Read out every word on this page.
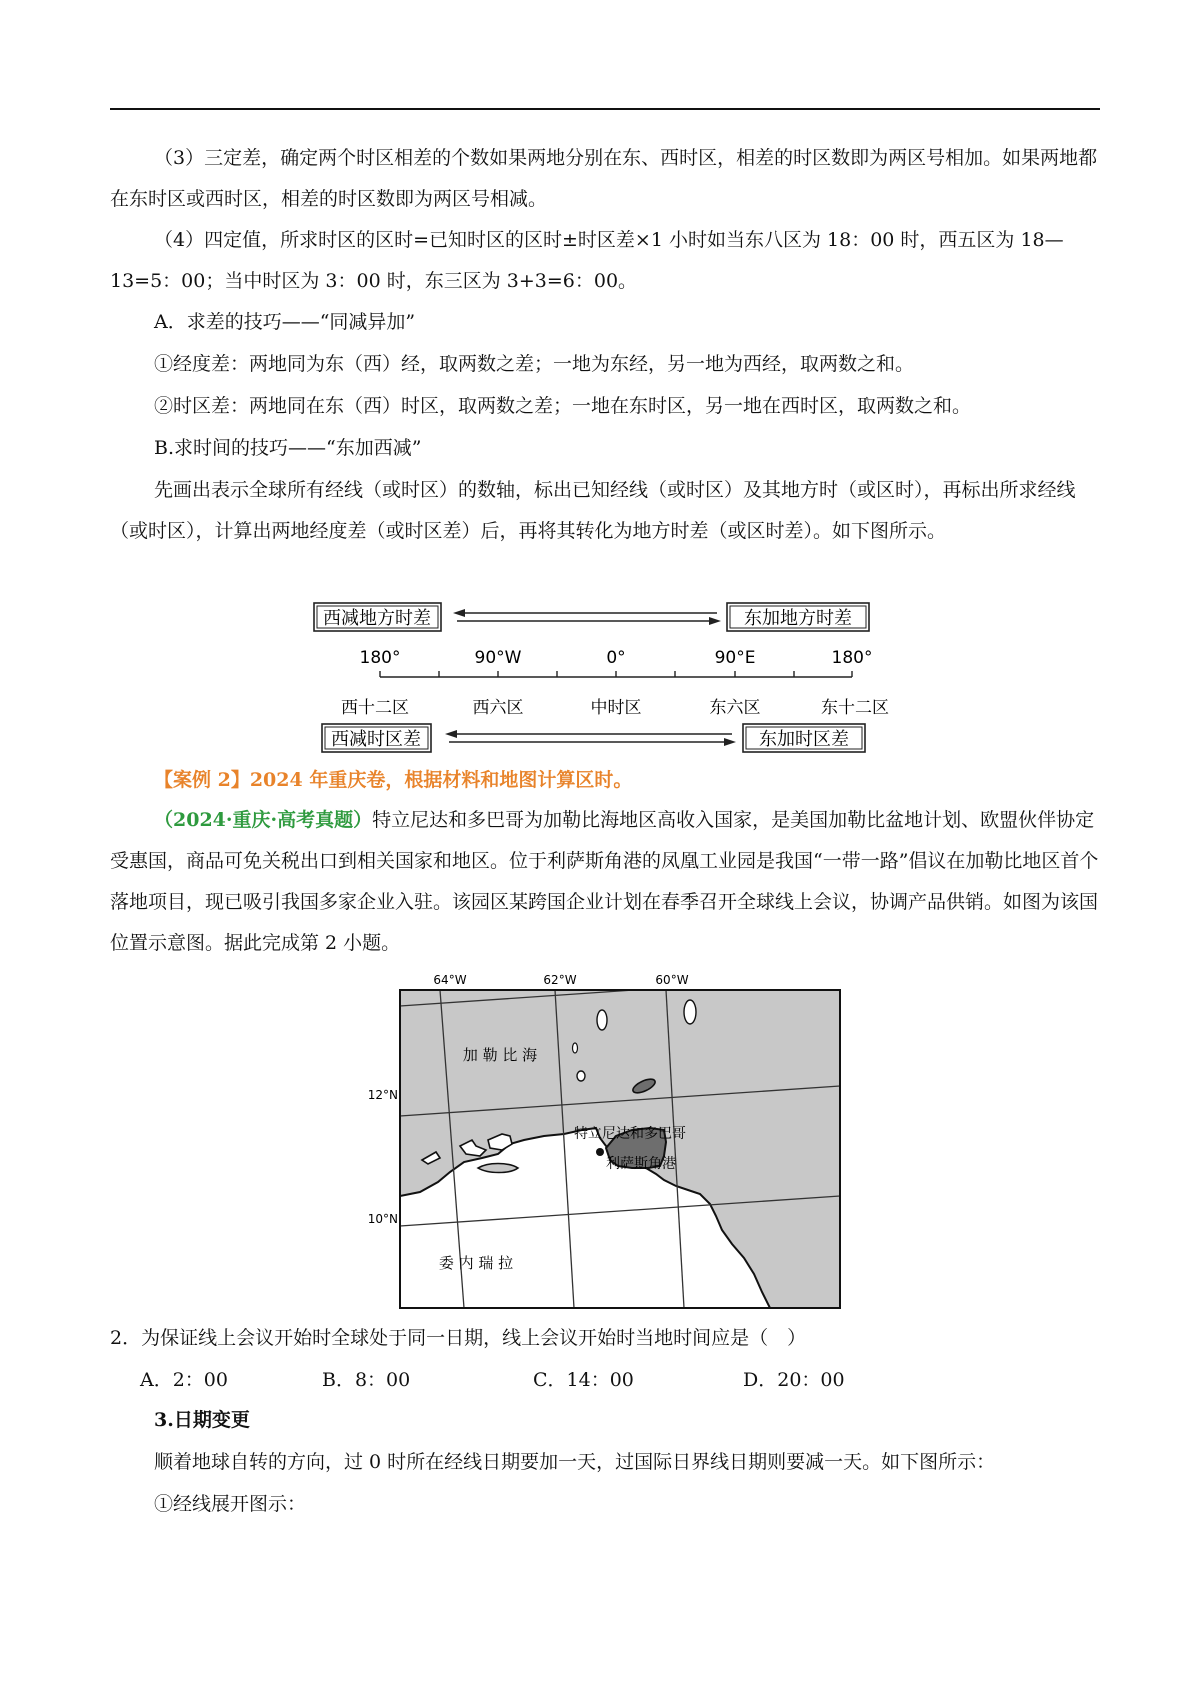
（3）三定差，确定两个时区相差的个数如果两地分别在东、西时区，相差的时区数即为两区号相加。如果两地都在东时区或西时区，相差的时区数即为两区号相减。

（4）四定值，所求时区的区时=已知时区的区时±时区差×1 小时如当东八区为 18：00 时，西五区为 18—13=5：00；当中时区为 3：00 时，东三区为 3+3=6：00。

A．求差的技巧——“同减异加”

①经度差：两地同为东（西）经，取两数之差；一地为东经，另一地为西经，取两数之和。

②时区差：两地同在东（西）时区，取两数之差；一地在东时区，另一地在西时区，取两数之和。

B.求时间的技巧——“东加西减”

先画出表示全球所有经线（或时区）的数轴，标出已知经线（或时区）及其地方时（或区时），再标出所求经线（或时区），计算出两地经度差（或时区差）后，再将其转化为地方时差（或区时差）。如下图所示。

西减地方时差	东加地方时差
180°	90°W	0°	90°E	180°
西十二区	西六区	中时区	东六区	东十二区
西减时区差	东加时区差

【案例 2】2024 年重庆卷，根据材料和地图计算区时。

（2024·重庆·高考真题）特立尼达和多巴哥为加勒比海地区高收入国家，是美国加勒比盆地计划、欧盟伙伴协定受惠国，商品可免关税出口到相关国家和地区。位于利萨斯角港的凤凰工业园是我国“一带一路”倡议在加勒比地区首个落地项目，现已吸引我国多家企业入驻。该园区某跨国企业计划在春季召开全球线上会议，协调产品供销。如图为该国位置示意图。据此完成第 2 小题。

64°W	62°W	60°W
12°N
10°N
加 勒 比 海
特立尼达和多巴哥
利萨斯角港
委 内 瑞 拉

2．为保证线上会议开始时全球处于同一日期，线上会议开始时当地时间应是（　）

A．2：00	B．8：00	C．14：00	D．20：00

3.日期变更

顺着地球自转的方向，过 0 时所在经线日期要加一天，过国际日界线日期则要减一天。如下图所示：

①经线展开图示：
